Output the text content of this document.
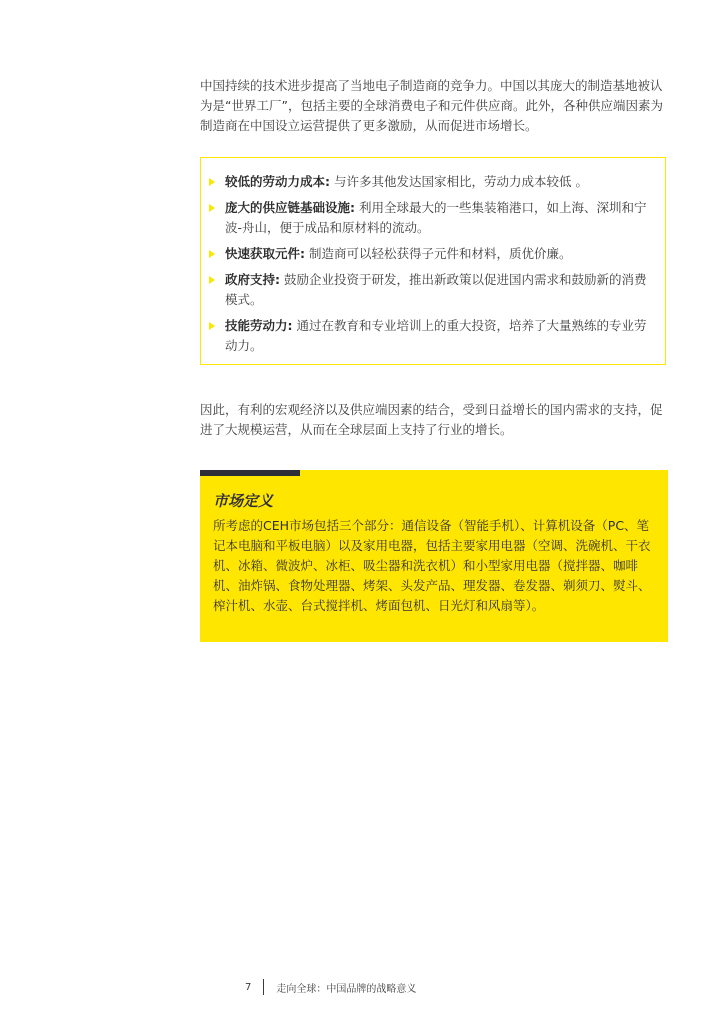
中国持续的技术进步提高了当地电子制造商的竞争力。中国以其庞大的制造基地被认为是“世界工厂”，包括主要的全球消费电子和元件供应商。此外，各种供应端因素为制造商在中国设立运营提供了更多激励，从而促进市场增长。

较低的劳动力成本: 与许多其他发达国家相比，劳动力成本较低 。
庞大的供应链基础设施: 利用全球最大的一些集装箱港口，如上海、深圳和宁波-舟山，便于成品和原材料的流动。
快速获取元件: 制造商可以轻松获得子元件和材料，质优价廉。
政府支持: 鼓励企业投资于研发，推出新政策以促进国内需求和鼓励新的消费模式。
技能劳动力: 通过在教育和专业培训上的重大投资，培养了大量熟练的专业劳动力。

因此，有利的宏观经济以及供应端因素的结合，受到日益增长的国内需求的支持，促进了大规模运营，从而在全球层面上支持了行业的增长。

市场定义

所考虑的CEH市场包括三个部分：通信设备（智能手机）、计算机设备（PC、笔记本电脑和平板电脑）以及家用电器，包括主要家用电器（空调、洗碗机、干衣机、冰箱、微波炉、冰柜、吸尘器和洗衣机）和小型家用电器（搅拌器、咖啡机、油炸锅、食物处理器、烤架、头发产品、理发器、卷发器、剃须刀、熨斗、榨汁机、水壶、台式搅拌机、烤面包机、日光灯和风扇等）。

7	走向全球：中国品牌的战略意义
